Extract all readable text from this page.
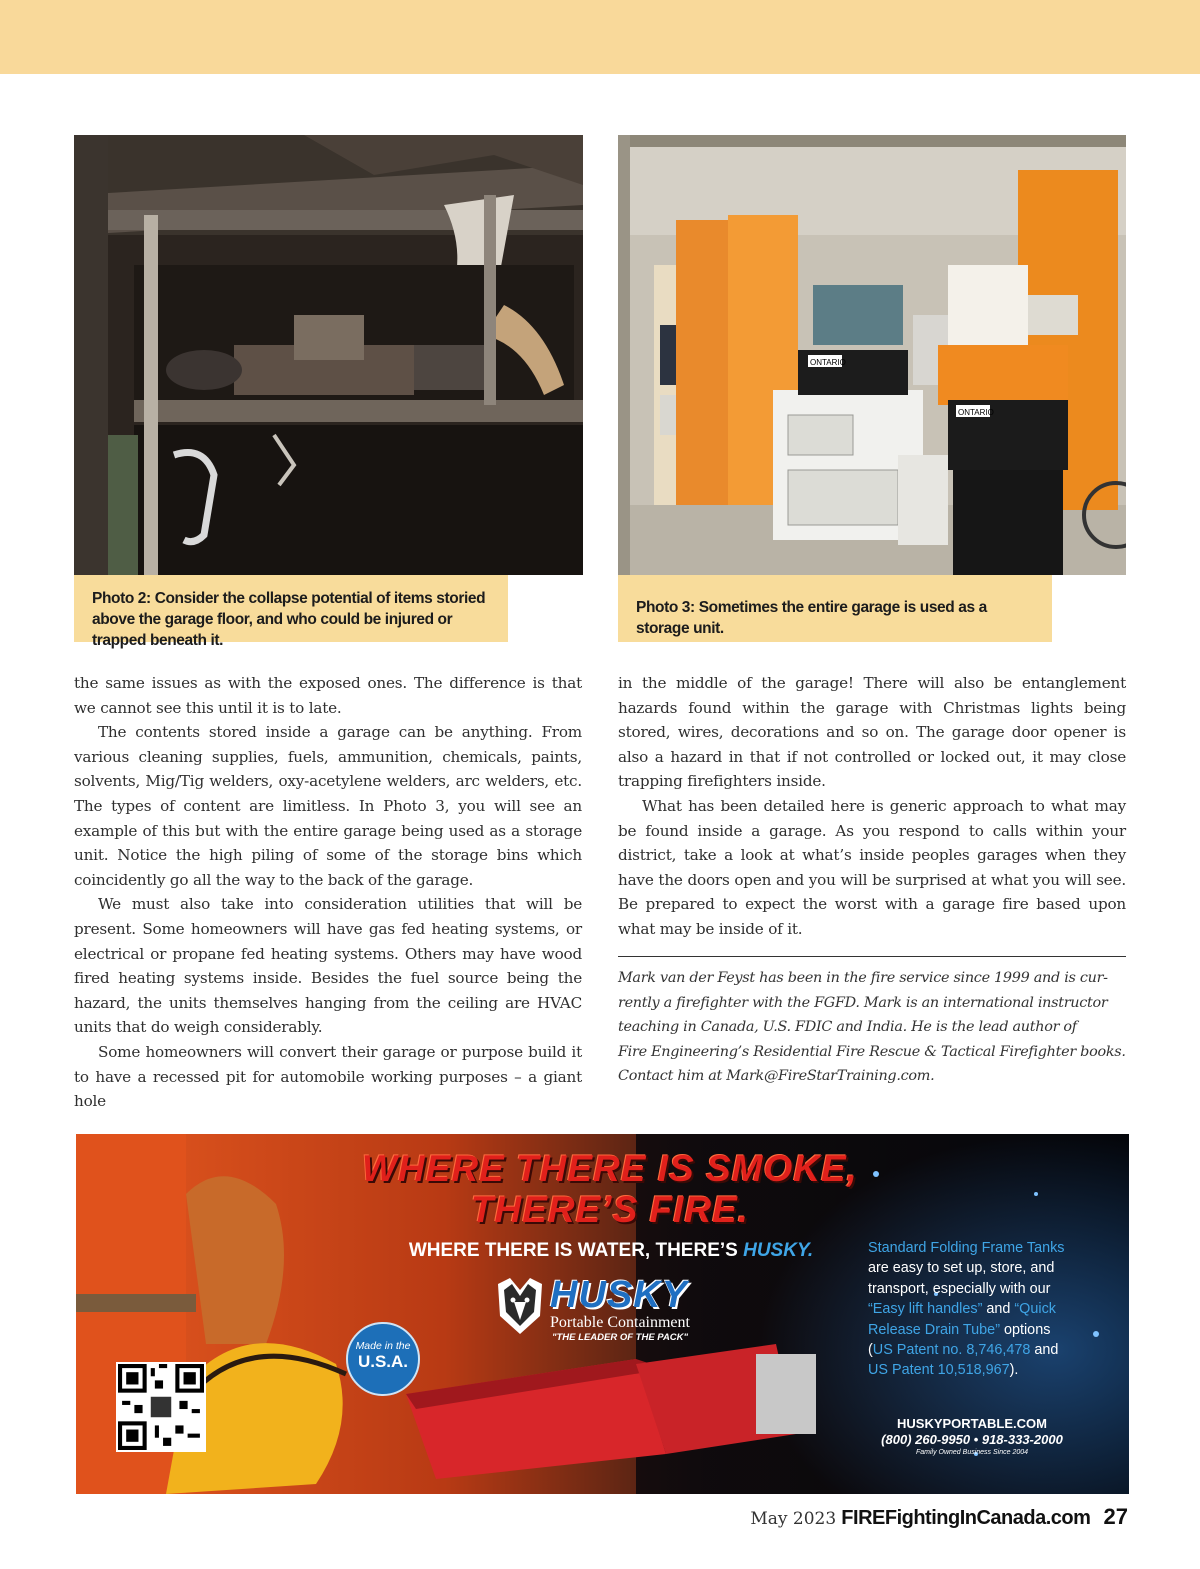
ONTARIO
ONTARIO
Photo 2: Consider the collapse potential of items storied above the garage floor, and who could be injured or trapped beneath it.
Photo 3: Sometimes the entire garage is used as a storage unit.

the same issues as with the exposed ones. The difference is that we cannot see this until it is to late.

The contents stored inside a garage can be anything. From various cleaning supplies, fuels, ammunition, chemicals, paints, solvents, Mig/Tig welders, oxy-acetylene welders, arc welders, etc. The types of content are limitless. In Photo 3, you will see an example of this but with the entire garage being used as a storage unit. Notice the high piling of some of the storage bins which coincidently go all the way to the back of the garage.

We must also take into consideration utilities that will be present. Some homeowners will have gas fed heating systems, or electrical or propane fed heating systems. Others may have wood fired heating systems inside. Besides the fuel source being the hazard, the units themselves hanging from the ceiling are HVAC units that do weigh considerably.

Some homeowners will convert their garage or purpose build it to have a recessed pit for automobile working purposes – a giant hole

in the middle of the garage! There will also be entanglement hazards found within the garage with Christmas lights being stored, wires, decorations and so on. The garage door opener is also a hazard in that if not controlled or locked out, it may close trapping firefighters inside.

What has been detailed here is generic approach to what may be found inside a garage. As you respond to calls within your district, take a look at what’s inside peoples garages when they have the doors open and you will be surprised at what you will see. Be prepared to expect the worst with a garage fire based upon what may be inside of it.

Mark van der Feyst has been in the fire service since 1999 and is cur-
rently a firefighter with the FGFD. Mark is an international instructor
teaching in Canada, U.S. FDIC and India. He is the lead author of
Fire Engineering’s Residential Fire Rescue & Tactical Firefighter books.
Contact him at Mark@FireStarTraining.com.
WHERE THERE IS SMOKE,
THERE’S FIRE.
WHERE THERE IS WATER, THERE’S HUSKY.
HUSKY
Portable Containment
"THE LEADER OF THE PACK"
Made in the
U.S.A.
Standard Folding Frame Tanks are easy to set up, store, and transport, especially with our “Easy lift handles” and “Quick Release Drain Tube” options (US Patent no. 8,746,478 and US Patent 10,518,967).
HUSKYPORTABLE.COM
(800) 260-9950 • 918-333-2000
Family Owned Business Since 2004
May 2023 FIREFightingInCanada.com 27
